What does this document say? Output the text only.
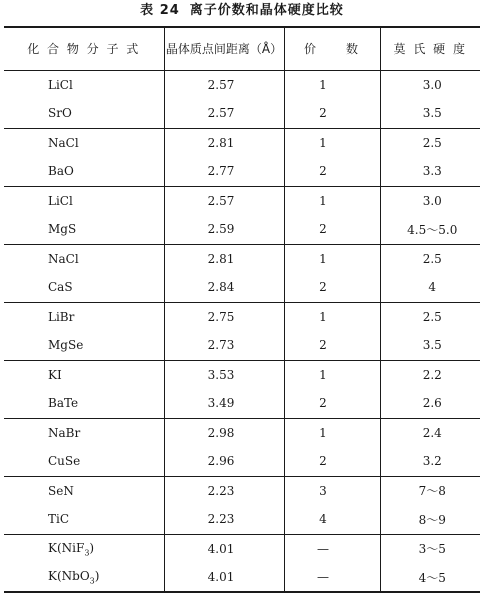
表 24 离子价数和晶体硬度比较
化 合 物 分 子 式	晶体质点间距离（Å）	价　　数	莫 氏 硬 度
LiCl	2.57	1	3.0
SrO	2.57	2	3.5
NaCl	2.81	1	2.5
BaO	2.77	2	3.3
LiCl	2.57	1	3.0
MgS	2.59	2	4.5～5.0
NaCl	2.81	1	2.5
CaS	2.84	2	4
LiBr	2.75	1	2.5
MgSe	2.73	2	3.5
KI	3.53	1	2.2
BaTe	3.49	2	2.6
NaBr	2.98	1	2.4
CuSe	2.96	2	3.2
SeN	2.23	3	7～8
TiC	2.23	4	8～9
K(NiF$_3$)	4.01	—	3～5
K(NbO$_3$)	4.01	—	4～5
